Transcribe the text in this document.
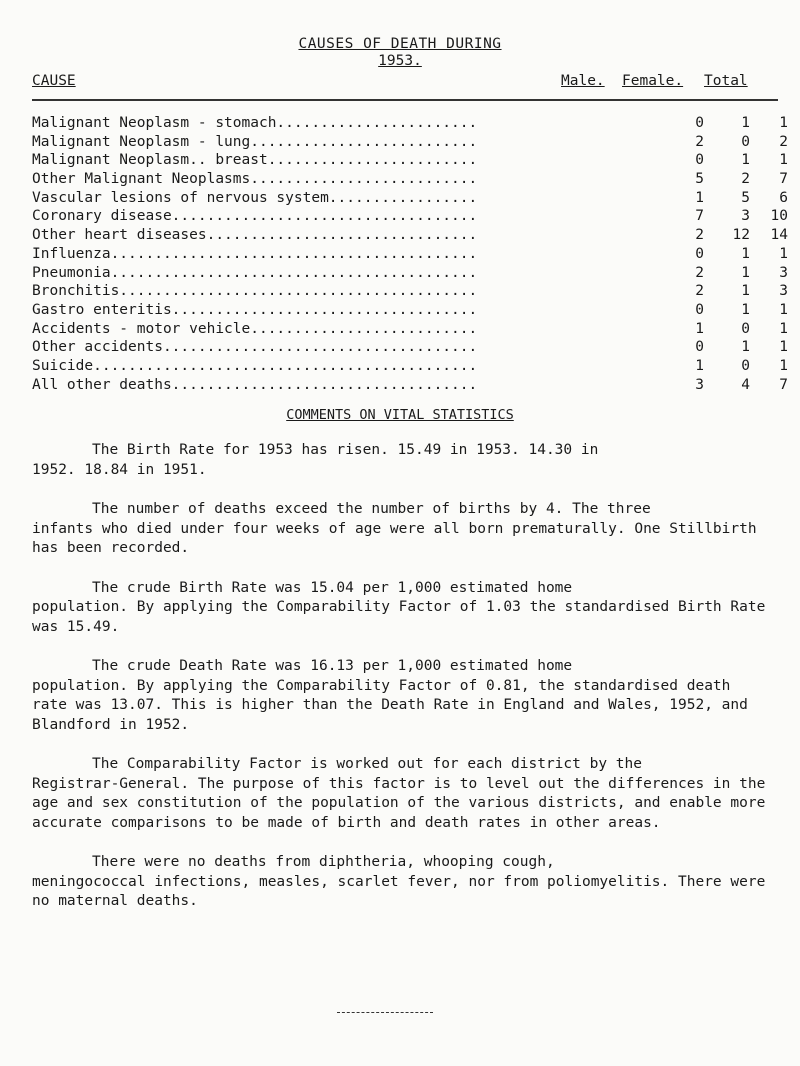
CAUSES OF DEATH DURING
1953.
CAUSE	Male. Female. Total
Malignant Neoplasm - stomach.......................	0	1	1
Malignant Neoplasm - lung..........................	2	0	2
Malignant Neoplasm.. breast........................	0	1	1
Other Malignant Neoplasms..........................	5	2	7
Vascular lesions of nervous system.................	1	5	6
Coronary disease...................................	7	3	10
Other heart diseases...............................	2	12	14
Influenza..........................................	0	1	1
Pneumonia..........................................	2	1	3
Bronchitis.........................................	2	1	3
Gastro enteritis...................................	0	1	1
Accidents - motor vehicle..........................	1	0	1
Other accidents....................................	0	1	1
Suicide............................................	1	0	1
All other deaths...................................	3	4	7
COMMENTS ON VITAL STATISTICS

The Birth Rate for 1953 has risen. 15.49 in 1953. 14.30 in
1952. 18.84 in 1951.

The number of deaths exceed the number of births by 4. The three
infants who died under four weeks of age were all born prematurally. One Stillbirth has been recorded.

The crude Birth Rate was 15.04 per 1,000 estimated home
population. By applying the Comparability Factor of 1.03 the standardised Birth Rate was 15.49.

The crude Death Rate was 16.13 per 1,000 estimated home
population. By applying the Comparability Factor of 0.81, the standardised death rate was 13.07. This is higher than the Death Rate in England and Wales, 1952, and Blandford in 1952.

The Comparability Factor is worked out for each district by the
Registrar-General. The purpose of this factor is to level out the differences in the age and sex constitution of the population of the various districts, and enable more accurate comparisons to be made of birth and death rates in other areas.

There were no deaths from diphtheria, whooping cough,
meningococcal infections, measles, scarlet fever, nor from poliomyelitis. There were no maternal deaths.
